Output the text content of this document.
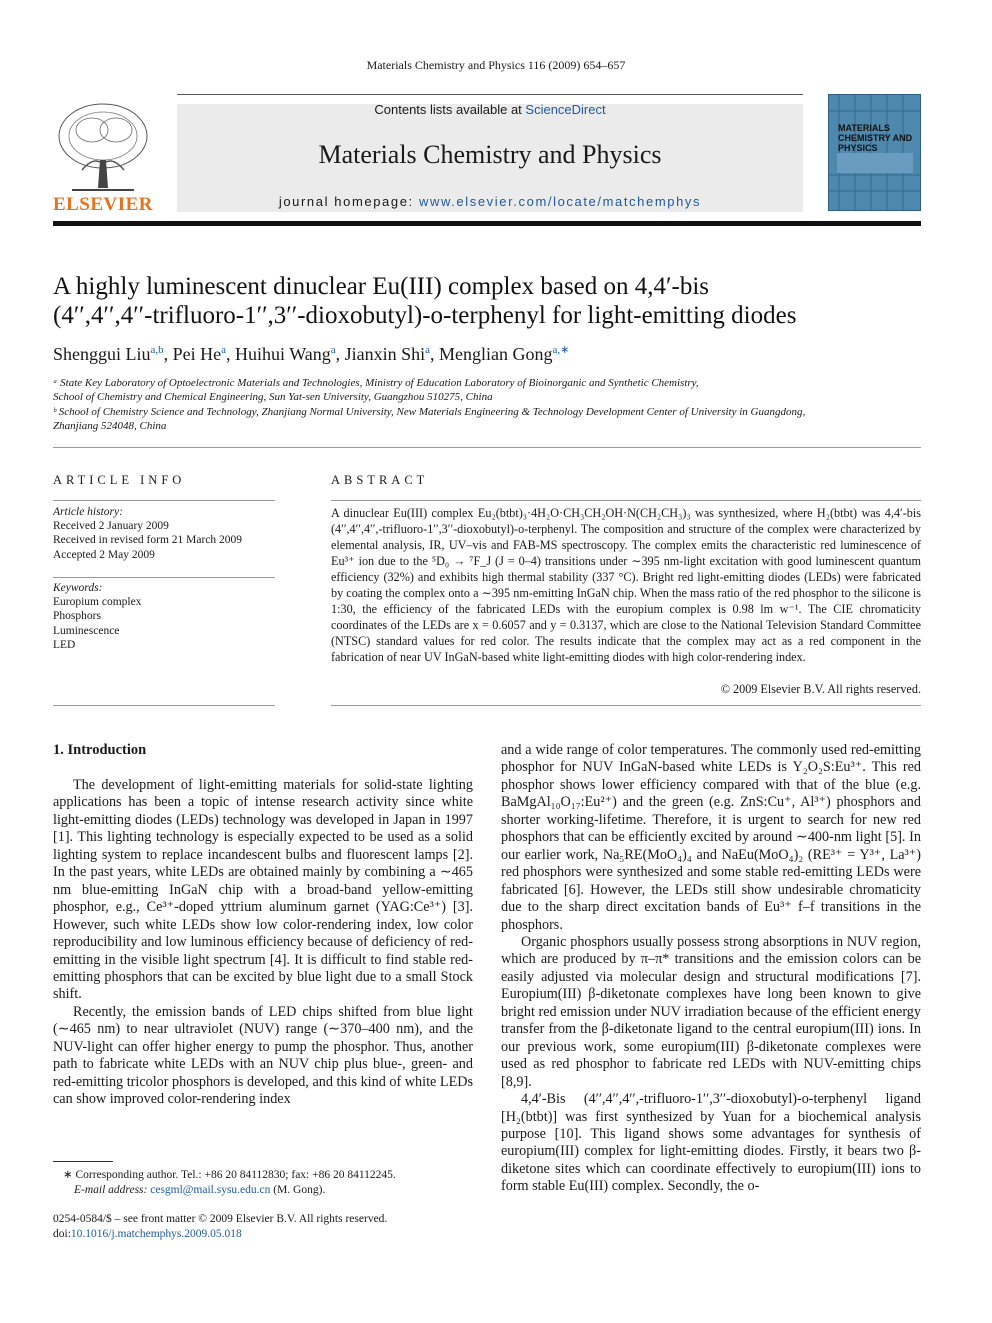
Materials Chemistry and Physics 116 (2009) 654–657
ELSEVIER
Contents lists available at ScienceDirect
Materials Chemistry and Physics
journal homepage: www.elsevier.com/locate/matchemphys
MATERIALS CHEMISTRY AND PHYSICS
A highly luminescent dinuclear Eu(III) complex based on 4,4′-bis
(4′′,4′′,4′′-trifluoro-1′′,3′′-dioxobutyl)-o-terphenyl for light-emitting diodes
Shenggui Liu$^{a,b}$, Pei He$^a$, Huihui Wang$^a$, Jianxin Shi$^a$, Menglian Gong$^{a,∗}$
ᵃ State Key Laboratory of Optoelectronic Materials and Technologies, Ministry of Education Laboratory of Bioinorganic and Synthetic Chemistry,
School of Chemistry and Chemical Engineering, Sun Yat-sen University, Guangzhou 510275, China
ᵇ School of Chemistry Science and Technology, Zhanjiang Normal University, New Materials Engineering & Technology Development Center of University in Guangdong,
Zhanjiang 524048, China
ARTICLE INFO
Article history:
Received 2 January 2009
Received in revised form 21 March 2009
Accepted 2 May 2009
Keywords:
Europium complex
Phosphors
Luminescence
LED
ABSTRACT
A dinuclear Eu(III) complex Eu₂(btbt)₃·4H₂O·CH₃CH₂OH·N(CH₂CH₃)₃ was synthesized, where H₂(btbt) was 4,4′-bis (4′′,4′′,4′′,-trifluoro-1′′,3′′-dioxobutyl)-o-terphenyl. The composition and structure of the complex were characterized by elemental analysis, IR, UV–vis and FAB-MS spectroscopy. The complex emits the characteristic red luminescence of Eu³⁺ ion due to the ⁵D₀ → ⁷F_J (J = 0–4) transitions under ∼395 nm-light excitation with good luminescent quantum efficiency (32%) and exhibits high thermal stability (337 °C). Bright red light-emitting diodes (LEDs) were fabricated by coating the complex onto a ∼395 nm-emitting InGaN chip. When the mass ratio of the red phosphor to the silicone is 1:30, the efficiency of the fabricated LEDs with the europium complex is 0.98 lm w⁻¹. The CIE chromaticity coordinates of the LEDs are x = 0.6057 and y = 0.3137, which are close to the National Television Standard Committee (NTSC) standard values for red color. The results indicate that the complex may act as a red component in the fabrication of near UV InGaN-based white light-emitting diodes with high color-rendering index.
© 2009 Elsevier B.V. All rights reserved.
1. Introduction

The development of light-emitting materials for solid-state lighting applications has been a topic of intense research activity since white light-emitting diodes (LEDs) technology was developed in Japan in 1997 [1]. This lighting technology is especially expected to be used as a solid lighting system to replace incandescent bulbs and fluorescent lamps [2]. In the past years, white LEDs are obtained mainly by combining a ∼465 nm blue-emitting InGaN chip with a broad-band yellow-emitting phosphor, e.g., Ce³⁺-doped yttrium aluminum garnet (YAG:Ce³⁺) [3]. However, such white LEDs show low color-rendering index, low color reproducibility and low luminous efficiency because of deficiency of red-emitting in the visible light spectrum [4]. It is difficult to find stable red-emitting phosphors that can be excited by blue light due to a small Stock shift.

Recently, the emission bands of LED chips shifted from blue light (∼465 nm) to near ultraviolet (NUV) range (∼370–400 nm), and the NUV-light can offer higher energy to pump the phosphor. Thus, another path to fabricate white LEDs with an NUV chip plus blue-, green- and red-emitting tricolor phosphors is developed, and this kind of white LEDs can show improved color-rendering index

and a wide range of color temperatures. The commonly used red-emitting phosphor for NUV InGaN-based white LEDs is Y₂O₂S:Eu³⁺. This red phosphor shows lower efficiency compared with that of the blue (e.g. BaMgAl₁₀O₁₇:Eu²⁺) and the green (e.g. ZnS:Cu⁺, Al³⁺) phosphors and shorter working-lifetime. Therefore, it is urgent to search for new red phosphors that can be efficiently excited by around ∼400-nm light [5]. In our earlier work, Na₅RE(MoO₄)₄ and NaEu(MoO₄)₂ (RE³⁺ = Y³⁺, La³⁺) red phosphors were synthesized and some stable red-emitting LEDs were fabricated [6]. However, the LEDs still show undesirable chromaticity due to the sharp direct excitation bands of Eu³⁺ f–f transitions in the phosphors.

Organic phosphors usually possess strong absorptions in NUV region, which are produced by π–π* transitions and the emission colors can be easily adjusted via molecular design and structural modifications [7]. Europium(III) β-diketonate complexes have long been known to give bright red emission under NUV irradiation because of the efficient energy transfer from the β-diketonate ligand to the central europium(III) ions. In our previous work, some europium(III) β-diketonate complexes were used as red phosphor to fabricate red LEDs with NUV-emitting chips [8,9].

4,4′-Bis (4′′,4′′,4′′,-trifluoro-1′′,3′′-dioxobutyl)-o-terphenyl ligand [H₂(btbt)] was first synthesized by Yuan for a biochemical analysis purpose [10]. This ligand shows some advantages for synthesis of europium(III) complex for light-emitting diodes. Firstly, it bears two β-diketone sites which can coordinate effectively to europium(III) ions to form stable Eu(III) complex. Secondly, the o-

∗ Corresponding author. Tel.: +86 20 84112830; fax: +86 20 84112245.
E-mail address: cesgml@mail.sysu.edu.cn (M. Gong).
0254-0584/$ – see front matter © 2009 Elsevier B.V. All rights reserved.
doi:10.1016/j.matchemphys.2009.05.018
